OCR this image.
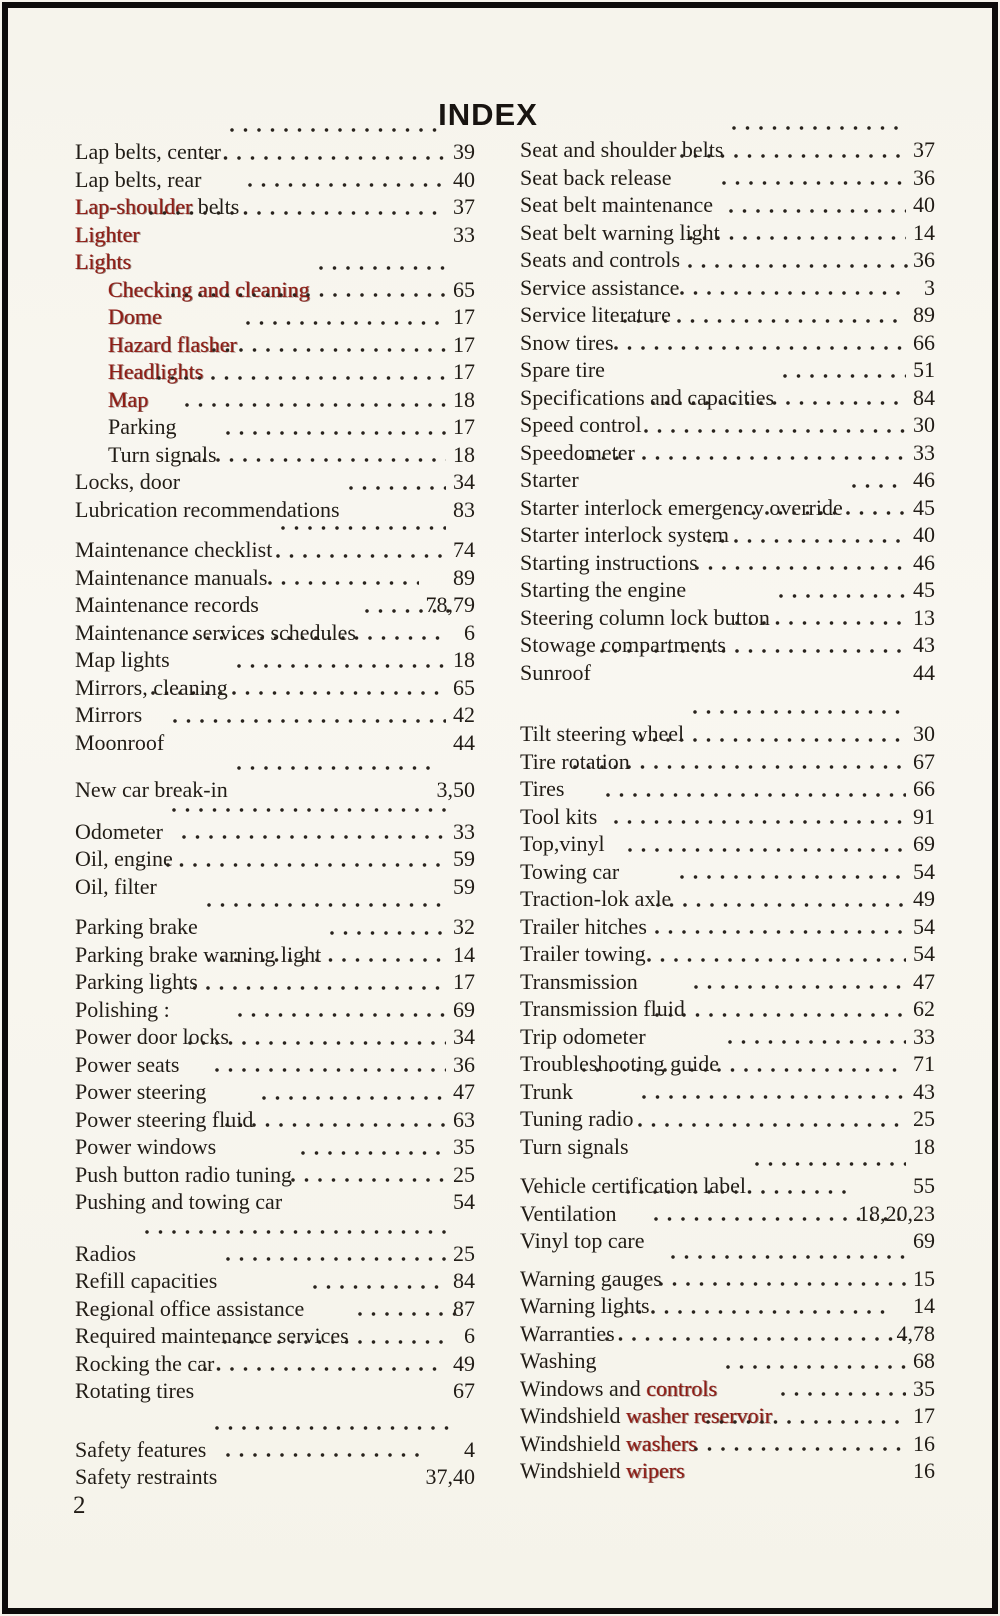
INDEX
Lap belts, center	39
Lap belts, rear	40
Lap-shoulder belts	37
Lighter	33
Lights
Checking and cleaning	65
Dome	17
Hazard flasher	17
Headlights	17
Map	18
Parking	17
Turn signals	18
Locks, door	34
Lubrication recommendations	83
Maintenance checklist	74
Maintenance manuals	89
Maintenance records	78,79
Maintenance services schedules	6
Map lights	18
Mirrors, cleaning	65
Mirrors	42
Moonroof	44
New car break-in	3,50
Odometer	33
Oil, engine	59
Oil, filter	59
Parking brake	32
Parking brake warning light	14
Parking lights	17
Polishing :	69
Power door locks	34
Power seats	36
Power steering	47
Power steering fluid	63
Power windows	35
Push button radio tuning	25
Pushing and towing car	54
Radios	25
Refill capacities	84
Regional office assistance	87
Required maintenance services	6
Rocking the car	49
Rotating tires	67
Safety features	4
Safety restraints	37,40
Seat and shoulder belts	37
Seat back release	36
Seat belt maintenance	40
Seat belt warning light	14
Seats and controls	36
Service assistance	3
Service literature	89
Snow tires	66
Spare tire	51
Specifications and capacities	84
Speed control	30
Speedometer	33
Starter	46
Starter interlock emergency override	45
Starter interlock system	40
Starting instructions	46
Starting the engine	45
Steering column lock button	13
Stowage compartments	43
Sunroof	44
Tilt steering wheel	30
Tire rotation	67
Tires	66
Tool kits	91
Top,vinyl	69
Towing car	54
Traction-lok axle	49
Trailer hitches	54
Trailer towing	54
Transmission	47
Transmission fluid	62
Trip odometer	33
Troubleshooting guide	71
Trunk	43
Tuning radio	25
Turn signals	18
Vehicle certification label	55
Ventilation	18,20,23
Vinyl top care	69
Warning gauges	15
Warning lights	14
Warranties	4,78
Washing	68
Windows and controls	35
Windshield washer reservoir	17
Windshield washers	16
Windshield wipers	16
2
